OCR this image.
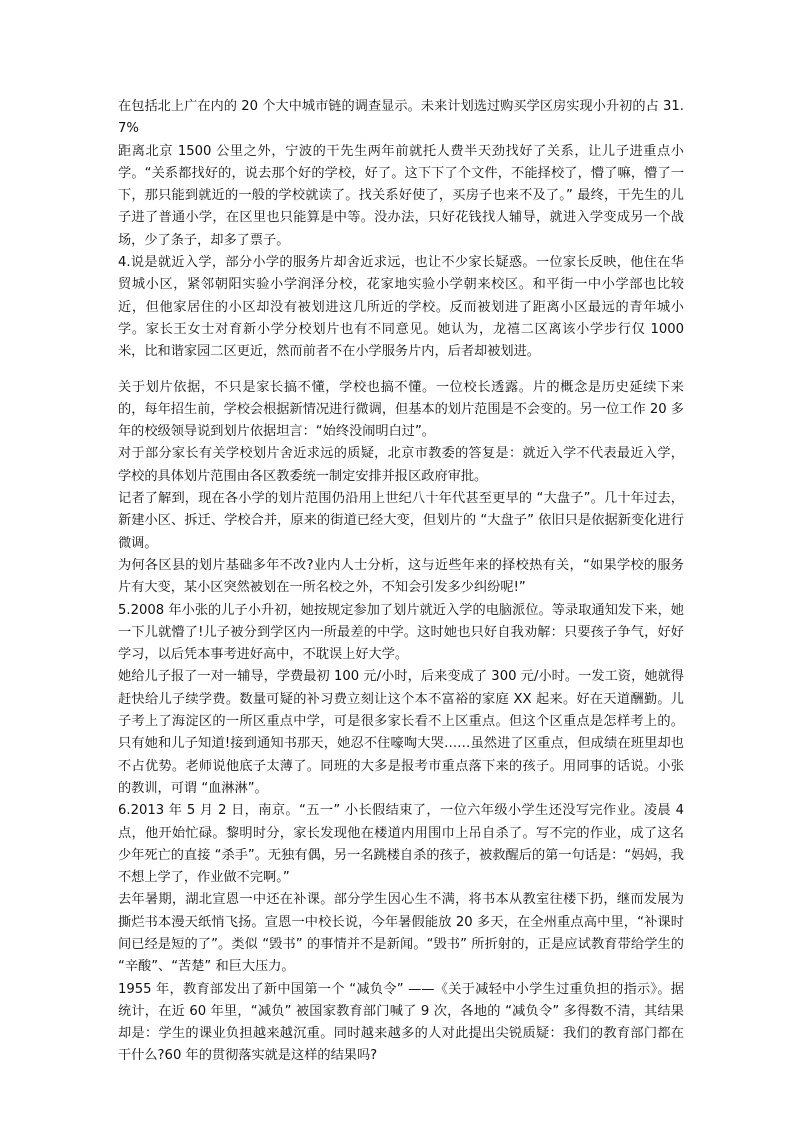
在包括北上广在内的 20 个大中城市链的调查显示。未来计划选过购买学区房实现小升初的占 31.7%

距离北京 1500 公里之外，宁波的干先生两年前就托人费半天劲找好了关系，让儿子进重点小学。“关系都找好的，说去那个好的学校，好了。这下下了个文件，不能择校了，懵了嘛，懵了一下，那只能到就近的一般的学校就读了。找关系好使了，买房子也来不及了。” 最终，干先生的儿子进了普通小学，在区里也只能算是中等。没办法，只好花钱找人辅导，就进入学变成另一个战场，少了条子，却多了票子。

4.说是就近入学，部分小学的服务片却舍近求远，也让不少家长疑惑。一位家长反映，他住在华贸城小区，紧邻朝阳实验小学润泽分校，花家地实验小学朝来校区。和平街一中小学部也比较近，但他家居住的小区却没有被划进这几所近的学校。反而被划进了距离小区最远的青年城小学。家长王女士对育新小学分校划片也有不同意见。她认为，龙禧二区离该小学步行仅 1000 米，比和谐家园二区更近，然而前者不在小学服务片内，后者却被划进。

关于划片依据，不只是家长搞不懂，学校也搞不懂。一位校长透露。片的概念是历史延续下来的，每年招生前，学校会根据新情况进行微调，但基本的划片范围是不会变的。另一位工作 20 多年的校级领导说到划片依据坦言：“始终没闹明白过”。

对于部分家长有关学校划片舍近求远的质疑，北京市教委的答复是：就近入学不代表最近入学，学校的具体划片范围由各区教委统一制定安排并报区政府审批。

记者了解到，现在各小学的划片范围仍沿用上世纪八十年代甚至更早的 “大盘子”。几十年过去，新建小区、拆迁、学校合并，原来的街道已经大变，但划片的 “大盘子” 依旧只是依据新变化进行微调。

为何各区县的划片基础多年不改?业内人士分析，这与近些年来的择校热有关，“如果学校的服务片有大变，某小区突然被划在一所名校之外，不知会引发多少纠纷呢!”

5.2008 年小张的儿子小升初，她按规定参加了划片就近入学的电脑派位。等录取通知发下来，她一下儿就懵了!儿子被分到学区内一所最差的中学。这时她也只好自我劝解：只要孩子争气，好好学习，以后凭本事考进好高中，不耽误上好大学。

她给儿子报了一对一辅导，学费最初 100 元/小时，后来变成了 300 元/小时。一发工资，她就得赶快给儿子续学费。数量可疑的补习费立刻让这个本不富裕的家庭 XX 起来。好在天道酬勤。儿子考上了海淀区的一所区重点中学，可是很多家长看不上区重点。但这个区重点是怎样考上的。只有她和儿子知道!接到通知书那天，她忍不住嚎啕大哭……虽然进了区重点，但成绩在班里却也不占优势。老师说他底子太薄了。同班的大多是报考市重点落下来的孩子。用同事的话说。小张的教训，可谓 “血淋淋”。

6.2013 年 5 月 2 日，南京。“五一” 小长假结束了，一位六年级小学生还没写完作业。凌晨 4 点，他开始忙碌。黎明时分，家长发现他在楼道内用围巾上吊自杀了。写不完的作业，成了这名少年死亡的直接 “杀手”。无独有偶，另一名跳楼自杀的孩子，被救醒后的第一句话是：“妈妈，我不想上学了，作业做不完啊。”

去年暑期，湖北宣恩一中还在补课。部分学生因心生不满，将书本从教室往楼下扔，继而发展为撕烂书本漫天纸悄飞扬。宣恩一中校长说，今年暑假能放 20 多天，在全州重点高中里，“补课时间已经是短的了”。类似 “毁书” 的事情并不是新闻。“毁书” 所折射的，正是应试教育带给学生的 “辛酸”、“苦楚” 和巨大压力。

1955 年，教育部发出了新中国第一个 “减负令” ——《关于减轻中小学生过重负担的指示》。据统计，在近 60 年里，“减负” 被国家教育部门喊了 9 次，各地的 “减负令” 多得数不清，其结果却是：学生的课业负担越来越沉重。同时越来越多的人对此提出尖锐质疑：我们的教育部门都在干什么?60 年的贯彻落实就是这样的结果吗?
